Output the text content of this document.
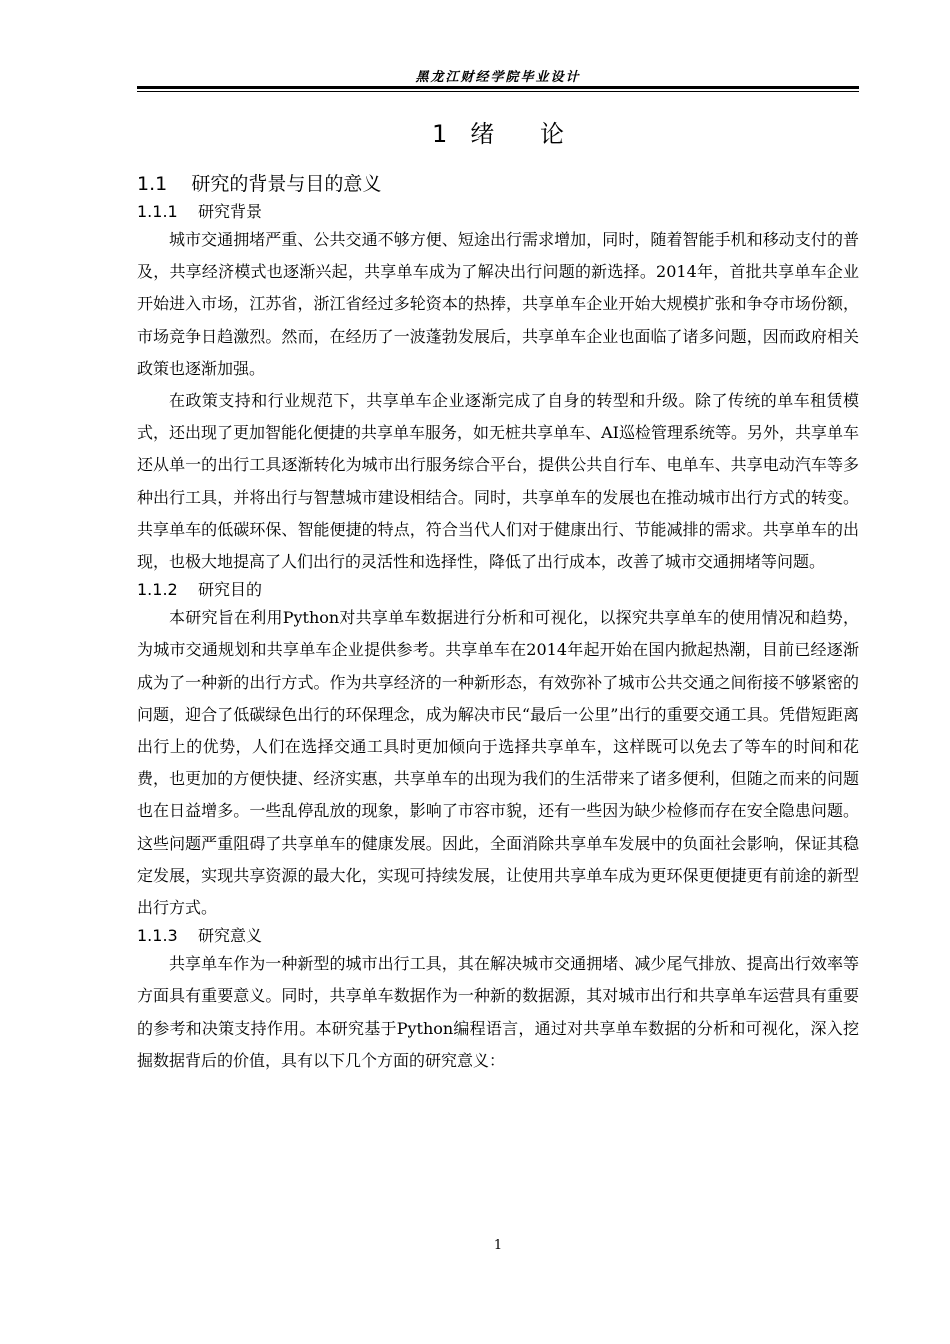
黑龙江财经学院毕业设计
1   绪      论
1.1    研究的背景与目的意义
1.1.1    研究背景

城市交通拥堵严重、公共交通不够方便、短途出行需求增加，同时，随着智能手机和移动支付的普及，共享经济模式也逐渐兴起，共享单车成为了解决出行问题的新选择。2014年，首批共享单车企业开始进入市场，江苏省，浙江省经过多轮资本的热捧，共享单车企业开始大规模扩张和争夺市场份额，市场竞争日趋激烈。然而，在经历了一波蓬勃发展后，共享单车企业也面临了诸多问题，因而政府相关政策也逐渐加强。

在政策支持和行业规范下，共享单车企业逐渐完成了自身的转型和升级。除了传统的单车租赁模式，还出现了更加智能化便捷的共享单车服务，如无桩共享单车、AI巡检管理系统等。另外，共享单车还从单一的出行工具逐渐转化为城市出行服务综合平台，提供公共自行车、电单车、共享电动汽车等多种出行工具，并将出行与智慧城市建设相结合。同时，共享单车的发展也在推动城市出行方式的转变。共享单车的低碳环保、智能便捷的特点，符合当代人们对于健康出行、节能减排的需求。共享单车的出现，也极大地提高了人们出行的灵活性和选择性，降低了出行成本，改善了城市交通拥堵等问题。

1.1.2    研究目的

本研究旨在利用Python对共享单车数据进行分析和可视化，以探究共享单车的使用情况和趋势，为城市交通规划和共享单车企业提供参考。共享单车在2014年起开始在国内掀起热潮，目前已经逐渐成为了一种新的出行方式。作为共享经济的一种新形态，有效弥补了城市公共交通之间衔接不够紧密的问题，迎合了低碳绿色出行的环保理念，成为解决市民“最后一公里”出行的重要交通工具。凭借短距离出行上的优势，人们在选择交通工具时更加倾向于选择共享单车，这样既可以免去了等车的时间和花费，也更加的方便快捷、经济实惠，共享单车的出现为我们的生活带来了诸多便利，但随之而来的问题也在日益增多。一些乱停乱放的现象，影响了市容市貌，还有一些因为缺少检修而存在安全隐患问题。这些问题严重阻碍了共享单车的健康发展。因此，全面消除共享单车发展中的负面社会影响，保证其稳定发展，实现共享资源的最大化，实现可持续发展，让使用共享单车成为更环保更便捷更有前途的新型出行方式。

1.1.3    研究意义

共享单车作为一种新型的城市出行工具，其在解决城市交通拥堵、减少尾气排放、提高出行效率等方面具有重要意义。同时，共享单车数据作为一种新的数据源，其对城市出行和共享单车运营具有重要的参考和决策支持作用。本研究基于Python编程语言，通过对共享单车数据的分析和可视化，深入挖掘数据背后的价值，具有以下几个方面的研究意义：

1
